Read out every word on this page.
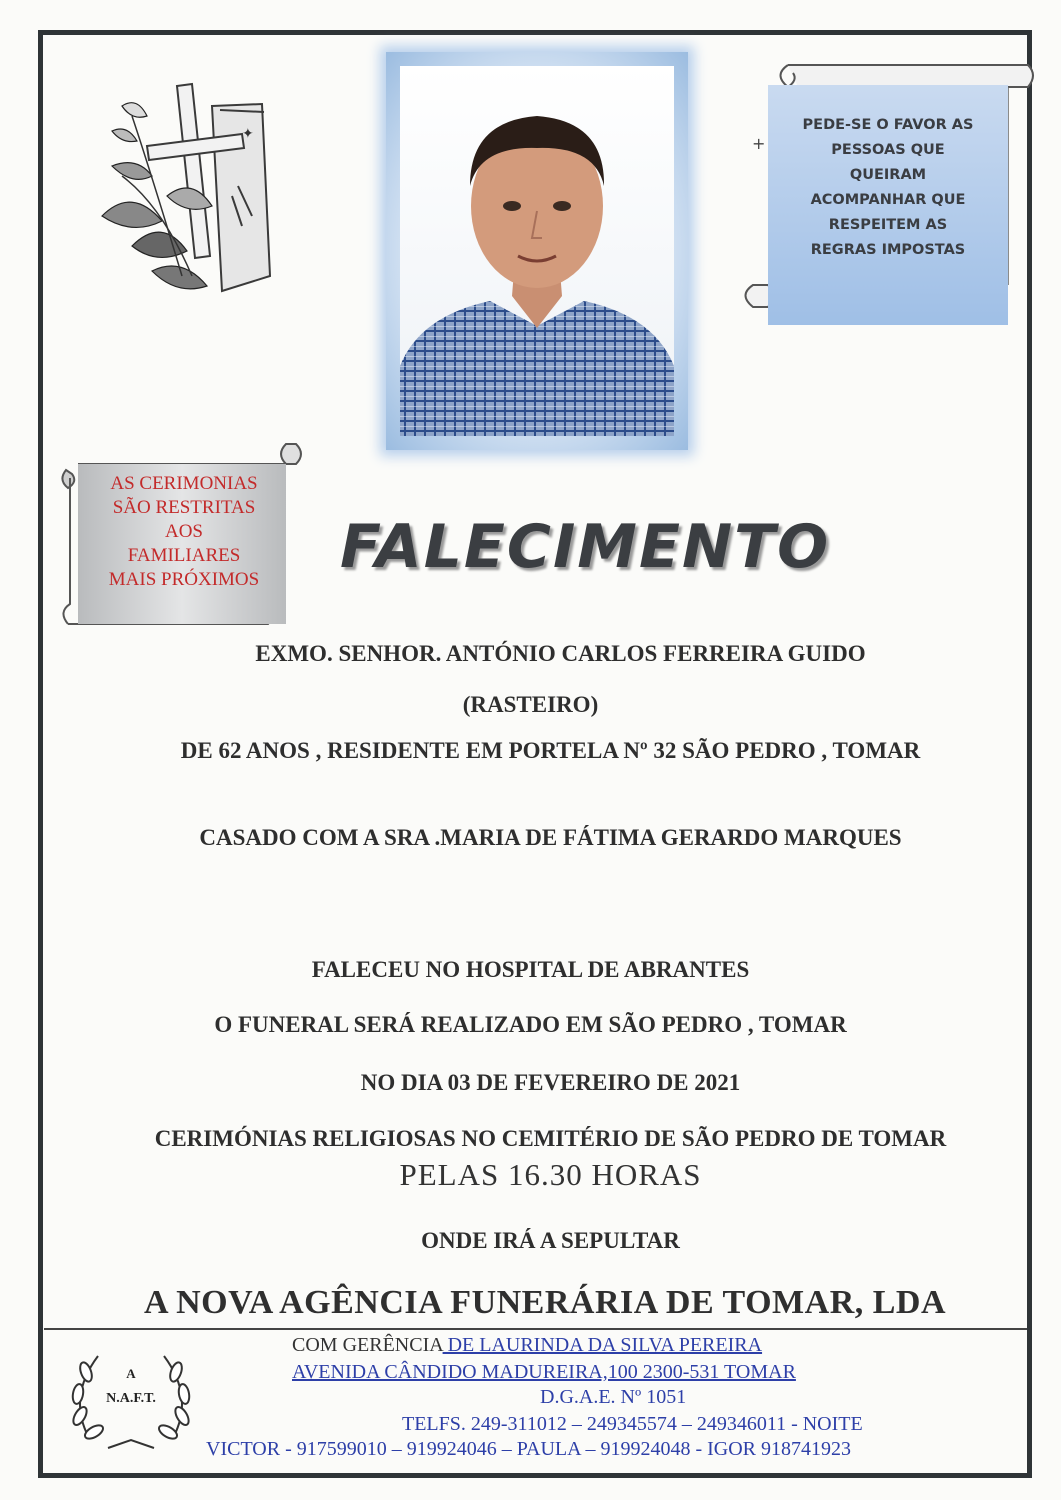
✦
PEDE-SE O FAVOR AS
PESSOAS QUE
QUEIRAM
ACOMPANHAR QUE
RESPEITEM AS
REGRAS IMPOSTAS
+
AS CERIMONIAS
SÃO RESTRITAS
AOS
FAMILIARES
MAIS PRÓXIMOS	FALECIMENTO
EXMO. SENHOR. ANTÓNIO CARLOS FERREIRA GUIDO
(RASTEIRO)
DE 62 ANOS , RESIDENTE EM PORTELA Nº 32 SÃO PEDRO , TOMAR
CASADO COM A SRA .MARIA DE FÁTIMA GERARDO MARQUES
FALECEU NO HOSPITAL DE ABRANTES
O FUNERAL SERÁ REALIZADO EM SÃO PEDRO , TOMAR
NO DIA 03 DE FEVEREIRO DE 2021
CERIMÓNIAS RELIGIOSAS NO CEMITÉRIO DE SÃO PEDRO DE TOMAR
PELAS 16.30 HORAS
ONDE IRÁ A SEPULTAR
A NOVA AGÊNCIA FUNERÁRIA DE TOMAR, LDA
A
N.A.F.T.
COM GERÊNCIA DE LAURINDA DA SILVA PEREIRA
AVENIDA CÂNDIDO MADUREIRA,100 2300-531 TOMAR
D.G.A.E. Nº 1051
TELFS. 249-311012 – 249345574 – 249346011 - NOITE
VICTOR - 917599010 – 919924046 – PAULA – 919924048 - IGOR 918741923
